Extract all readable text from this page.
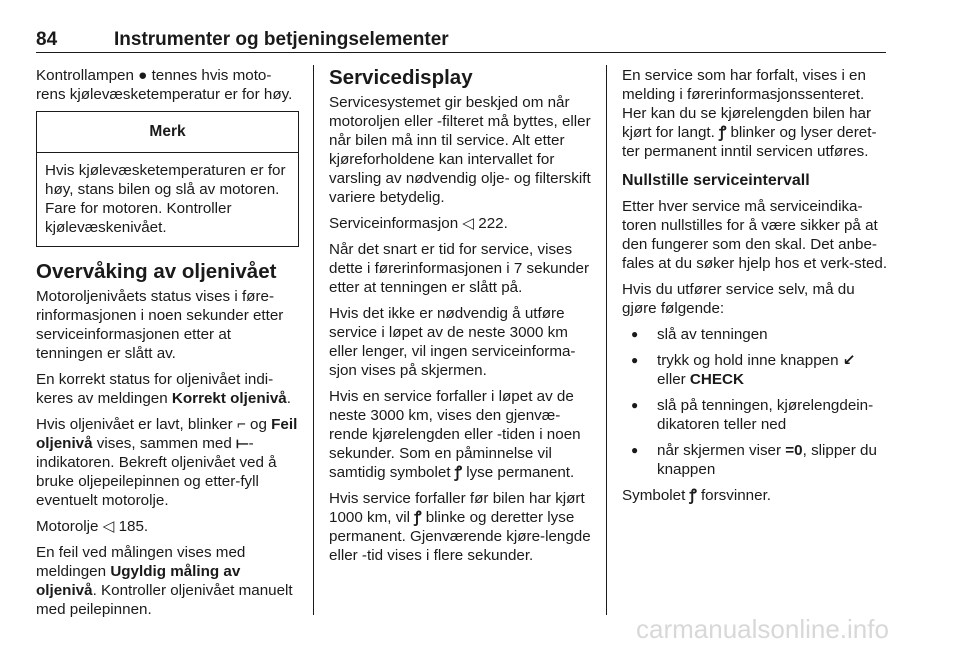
84	Instrumenter og betjeningselementer

Kontrollampen ● tennes hvis moto-rens kjølevæsketemperatur er for høy.

Merk
Hvis kjølevæsketemperaturen er for høy, stans bilen og slå av motoren. Fare for motoren. Kontroller kjølevæskenivået.
Overvåking av oljenivået

Motoroljenivåets status vises i føre-rinformasjonen i noen sekunder etter serviceinformasjonen etter at tenningen er slått av.

En korrekt status for oljenivået indi-keres av meldingen Korrekt oljenivå.

Hvis oljenivået er lavt, blinker ⌐ og Feil oljenivå vises, sammen med ⟝-indikatoren. Bekreft oljenivået ved å bruke oljepeilepinnen og etter-fyll eventuelt motorolje.

Motorolje ◁ 185.

En feil ved målingen vises med meldingen Ugyldig måling av oljenivå. Kontroller oljenivået manuelt med peilepinnen.

Servicedisplay

Servicesystemet gir beskjed om når motoroljen eller -filteret må byttes, eller når bilen må inn til service. Alt etter kjøreforholdene kan intervallet for varsling av nødvendig olje- og filterskift variere betydelig.

Serviceinformasjon ◁ 222.

Når det snart er tid for service, vises dette i førerinformasjonen i 7 sekunder etter at tenningen er slått på.

Hvis det ikke er nødvendig å utføre service i løpet av de neste 3000 km eller lenger, vil ingen serviceinforma-sjon vises på skjermen.

Hvis en service forfaller i løpet av de neste 3000 km, vises den gjenvæ-rende kjørelengden eller -tiden i noen sekunder. Som en påminnelse vil samtidig symbolet ꝭ lyse permanent.

Hvis service forfaller før bilen har kjørt 1000 km, vil ꝭ blinke og deretter lyse permanent. Gjenværende kjøre-lengde eller -tid vises i flere sekunder.

En service som har forfalt, vises i en melding i førerinformasjonssenteret. Her kan du se kjørelengden bilen har kjørt for langt. ꝭ blinker og lyser deret-ter permanent inntil servicen utføres.

Nullstille serviceintervall

Etter hver service må serviceindika-toren nullstilles for å være sikker på at den fungerer som den skal. Det anbe-fales at du søker hjelp hos et verk-sted.

Hvis du utfører service selv, må du gjøre følgende:

● slå av tenningen
● trykk og hold inne knappen ↙ eller CHECK
● slå på tenningen, kjørelengdein-dikatoren teller ned
● når skjermen viser =0, slipper du knappen

Symbolet ꝭ forsvinner.

carmanualsonline.info
